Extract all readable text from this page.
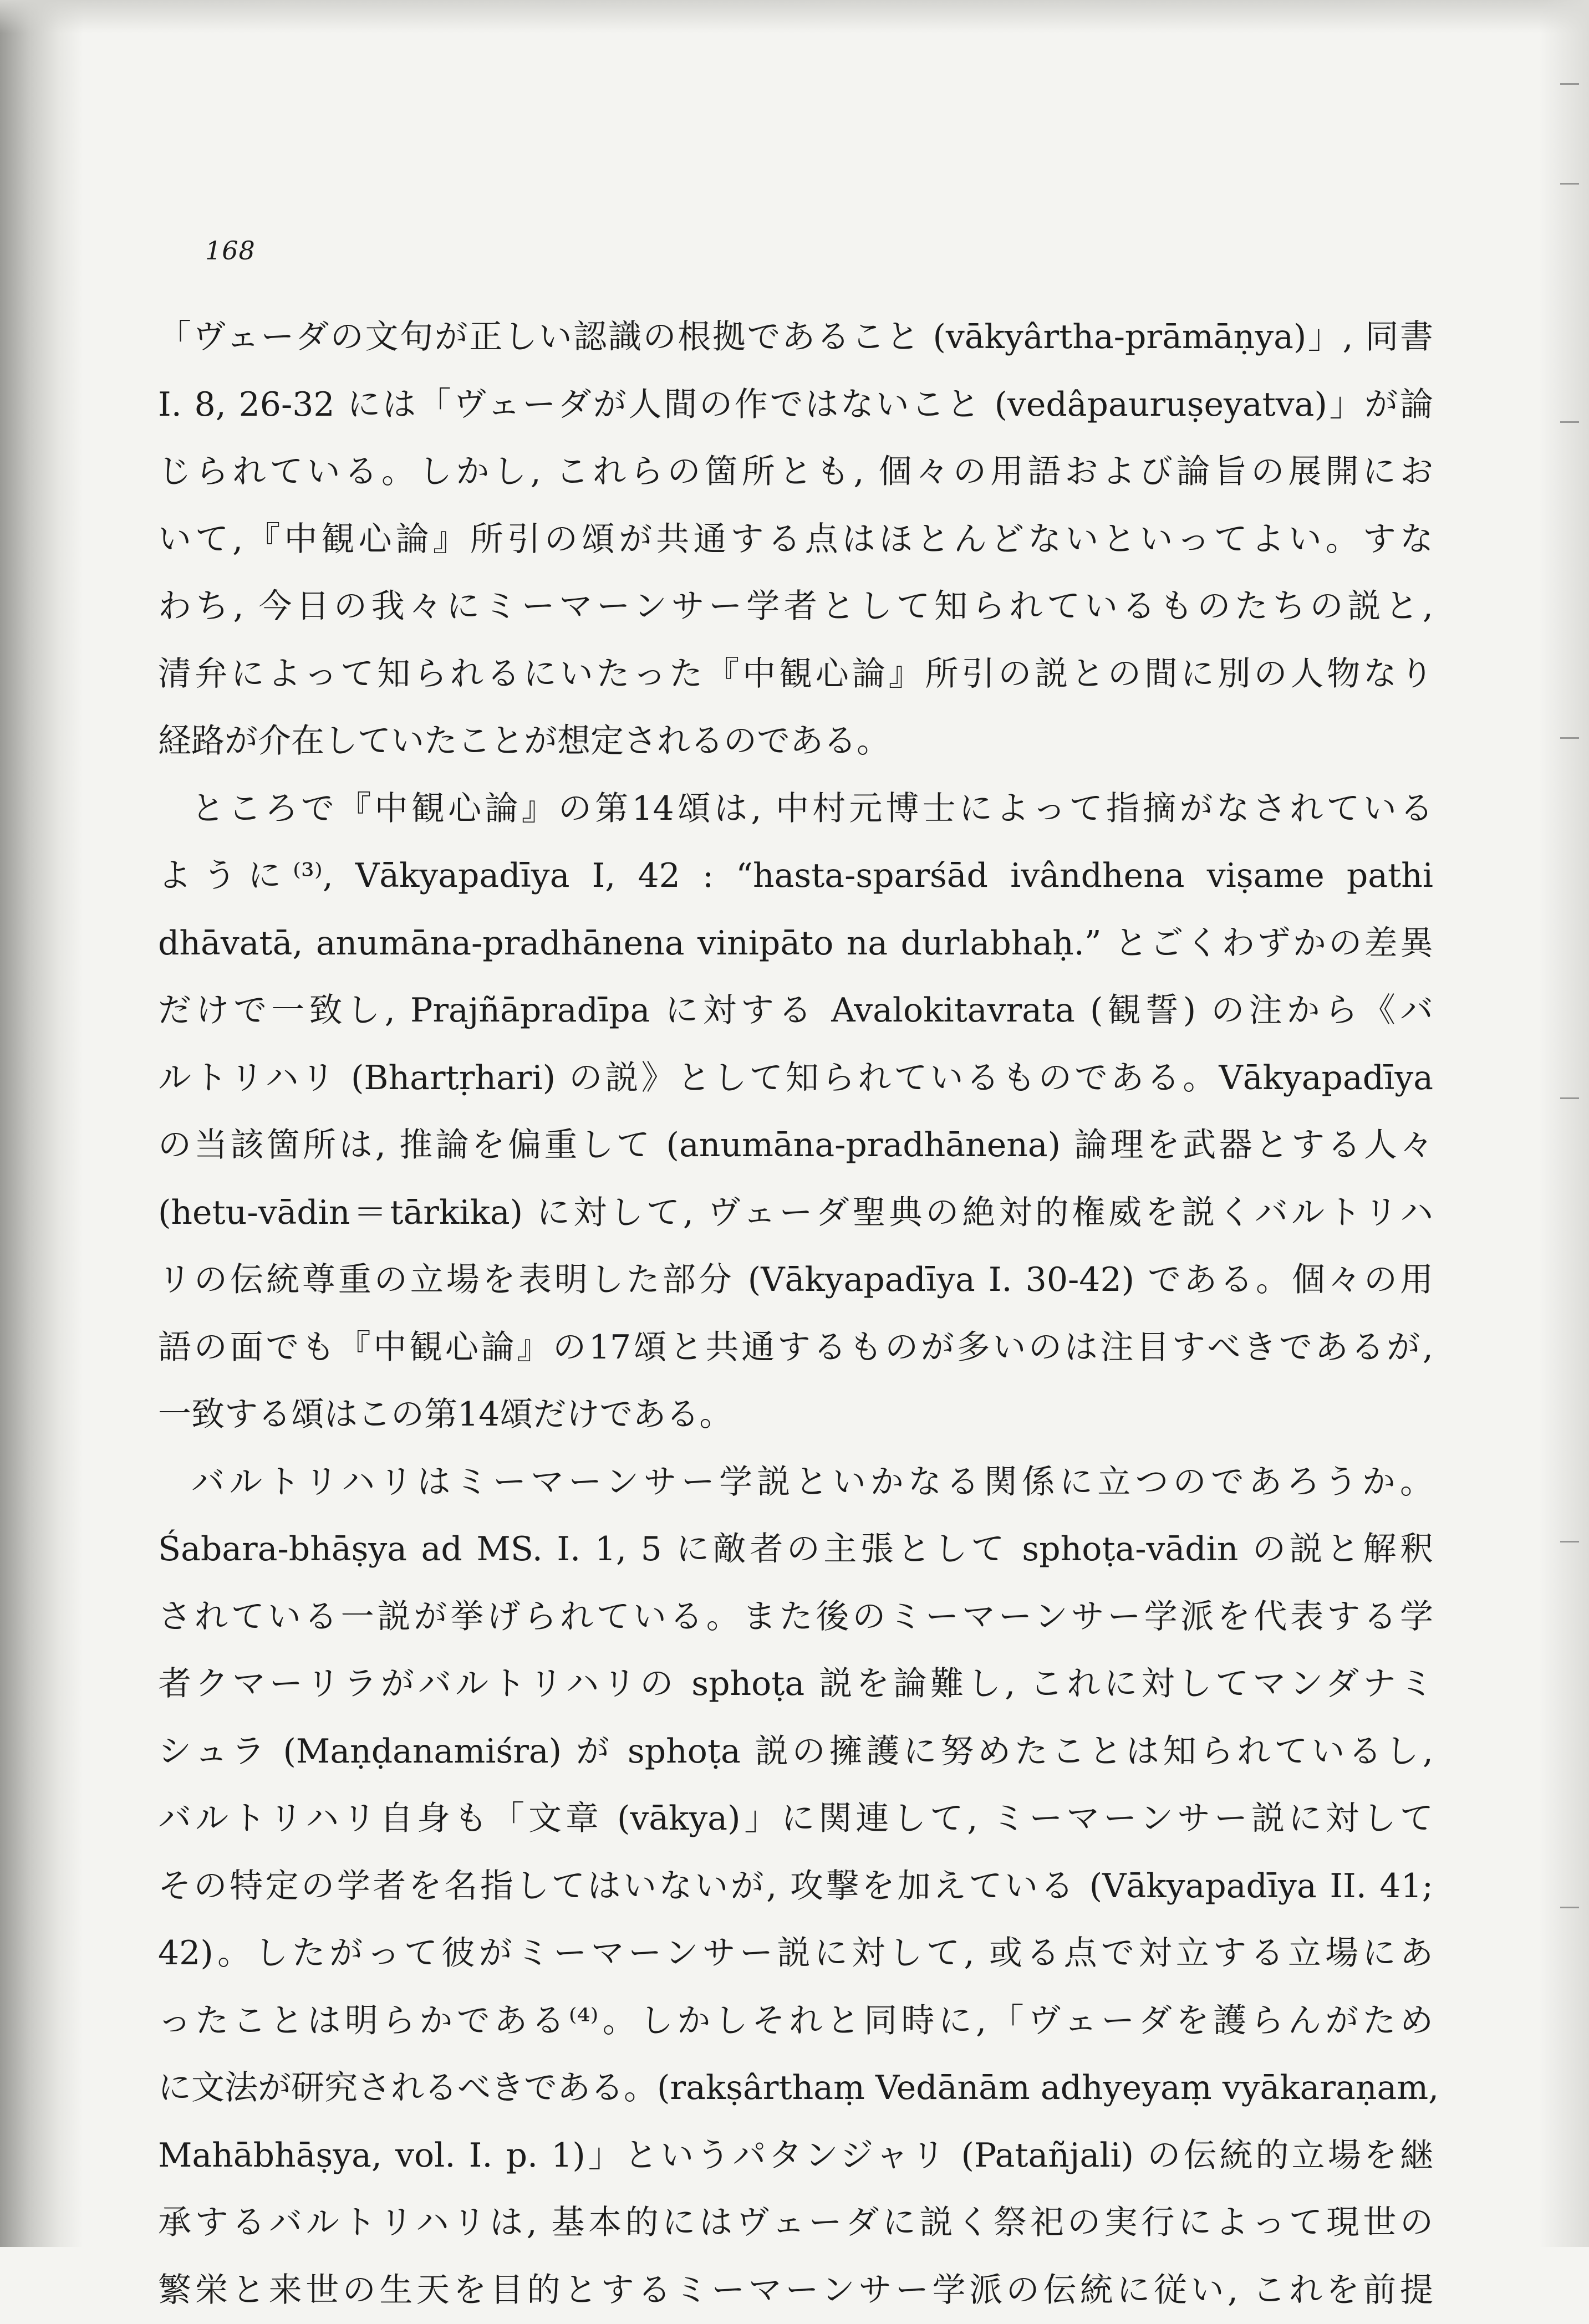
168
「ヴェーダの文句が正しい認識の根拠であること (vākyârtha-prāmāṇya)」, 同書
I. 8, 26-32 には「ヴェーダが人間の作ではないこと (vedâpauruṣeyatva)」が論
じられている。しかし, これらの箇所とも, 個々の用語および論旨の展開にお
いて,『中観心論』所引の頌が共通する点はほとんどないといってよい。すな
わち, 今日の我々にミーマーンサー学者として知られているものたちの説と,
清弁によって知られるにいたった『中観心論』所引の説との間に別の人物なり
経路が介在していたことが想定されるのである。
ところで『中観心論』の第14頌は, 中村元博士によって指摘がなされている
ように⁽³⁾, Vākyapadīya I, 42 : “hasta-sparśād ivândhena viṣame pathi
dhāvatā, anumāna-pradhānena vinipāto na durlabhaḥ.” とごくわずかの差異
だけで一致し, Prajñāpradīpa に対する Avalokitavrata (観誓) の注から《バ
ルトリハリ (Bhartṛhari) の説》として知られているものである。Vākyapadīya
の当該箇所は, 推論を偏重して (anumāna-pradhānena) 論理を武器とする人々
(hetu-vādin＝tārkika) に対して, ヴェーダ聖典の絶対的権威を説くバルトリハ
リの伝統尊重の立場を表明した部分 (Vākyapadīya I. 30-42) である。個々の用
語の面でも『中観心論』の17頌と共通するものが多いのは注目すべきであるが,
一致する頌はこの第14頌だけである。
バルトリハリはミーマーンサー学説といかなる関係に立つのであろうか。
Śabara-bhāṣya ad MS. I. 1, 5 に敵者の主張として sphoṭa-vādin の説と解釈
されている一説が挙げられている。また後のミーマーンサー学派を代表する学
者クマーリラがバルトリハリの sphoṭa 説を論難し, これに対してマンダナミ
シュラ (Maṇḍanamiśra) が sphoṭa 説の擁護に努めたことは知られているし,
バルトリハリ自身も「文章 (vākya)」に関連して, ミーマーンサー説に対して
その特定の学者を名指してはいないが, 攻撃を加えている (Vākyapadīya II. 41;
42)。したがって彼がミーマーンサー説に対して, 或る点で対立する立場にあ
ったことは明らかである⁽⁴⁾。しかしそれと同時に,「ヴェーダを護らんがため
に文法が研究されるべきである。(rakṣârthaṃ Vedānām adhyeyaṃ vyākaraṇam,
Mahābhāṣya, vol. I. p. 1)」というパタンジャリ (Patañjali) の伝統的立場を継
承するバルトリハリは, 基本的にはヴェーダに説く祭祀の実行によって現世の
繁栄と来世の生天を目的とするミーマーンサー学派の伝統に従い, これを前提
